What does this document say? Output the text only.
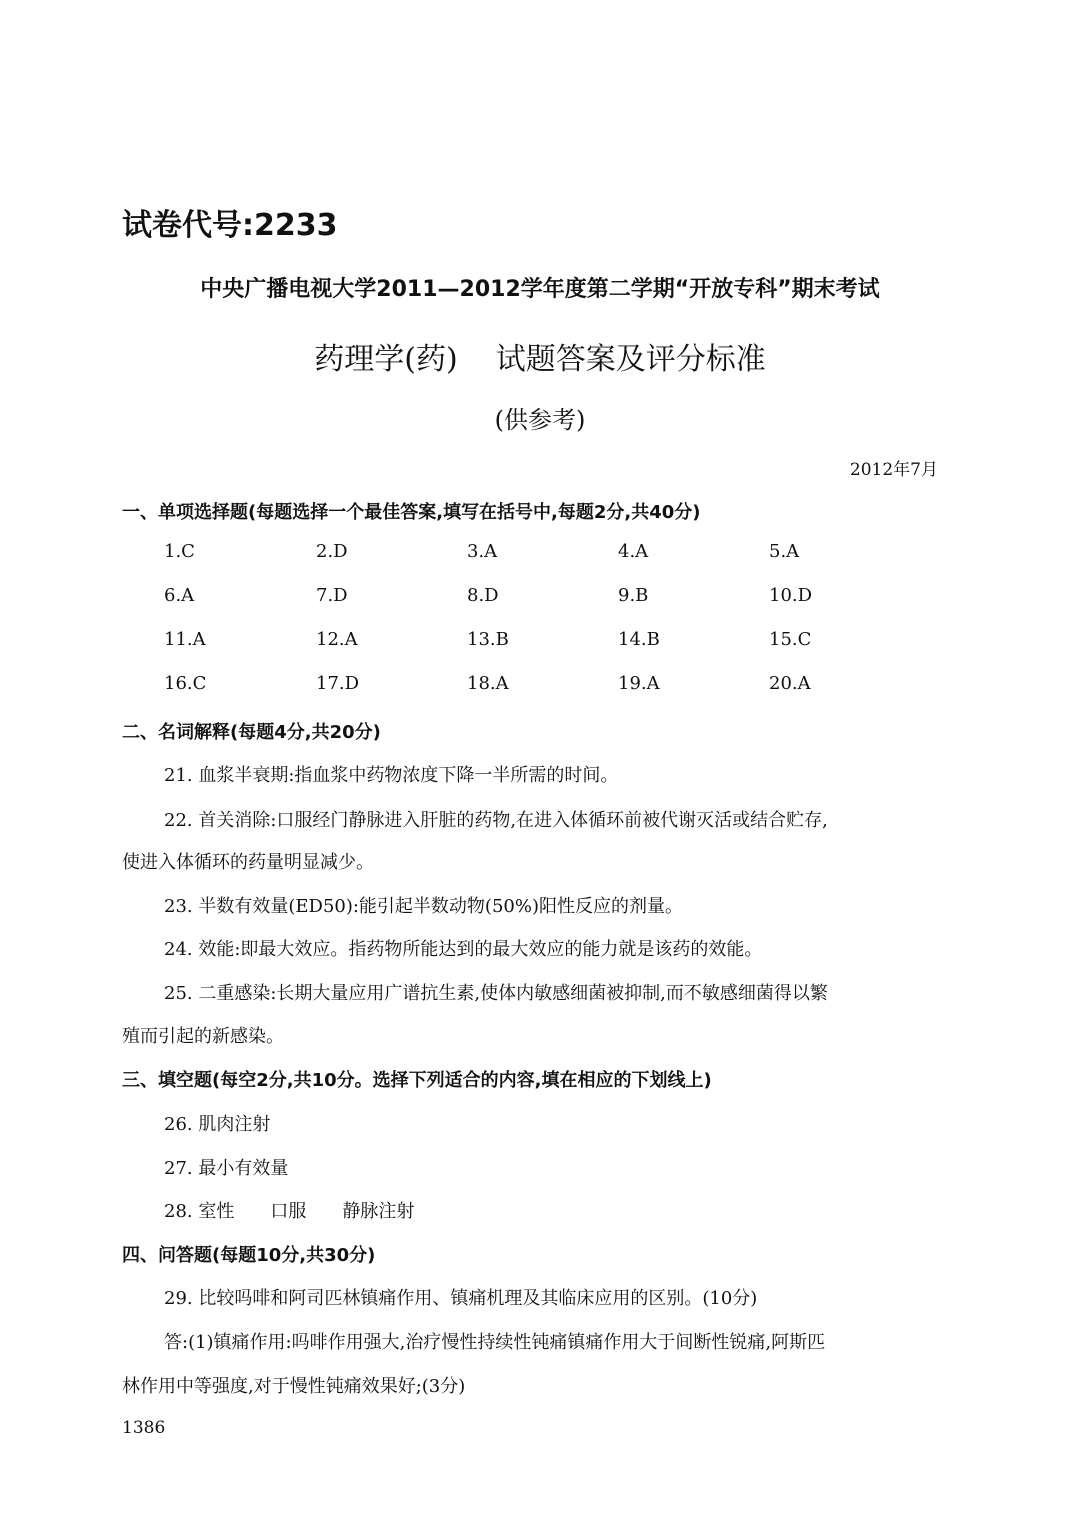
试卷代号:2233
中央广播电视大学2011—2012学年度第二学期“开放专科”期末考试
药理学(药) 试题答案及评分标准
(供参考)
2012年7月
一、单项选择题(每题选择一个最佳答案,填写在括号中,每题2分,共40分)
1.C	2.D	3.A	4.A	5.A
6.A	7.D	8.D	9.B	10.D
11.A	12.A	13.B	14.B	15.C
16.C	17.D	18.A	19.A	20.A
二、名词解释(每题4分,共20分)
21. 血浆半衰期:指血浆中药物浓度下降一半所需的时间。
22. 首关消除:口服经门静脉进入肝脏的药物,在进入体循环前被代谢灭活或结合贮存,
使进入体循环的药量明显减少。
23. 半数有效量(ED50):能引起半数动物(50%)阳性反应的剂量。
24. 效能:即最大效应。指药物所能达到的最大效应的能力就是该药的效能。
25. 二重感染:长期大量应用广谱抗生素,使体内敏感细菌被抑制,而不敏感细菌得以繁
殖而引起的新感染。
三、填空题(每空2分,共10分。选择下列适合的内容,填在相应的下划线上)
26. 肌肉注射
27. 最小有效量
28. 室性　　口服　　静脉注射
四、问答题(每题10分,共30分)
29. 比较吗啡和阿司匹林镇痛作用、镇痛机理及其临床应用的区别。(10分)
答:(1)镇痛作用:吗啡作用强大,治疗慢性持续性钝痛镇痛作用大于间断性锐痛,阿斯匹
林作用中等强度,对于慢性钝痛效果好;(3分)
1386
